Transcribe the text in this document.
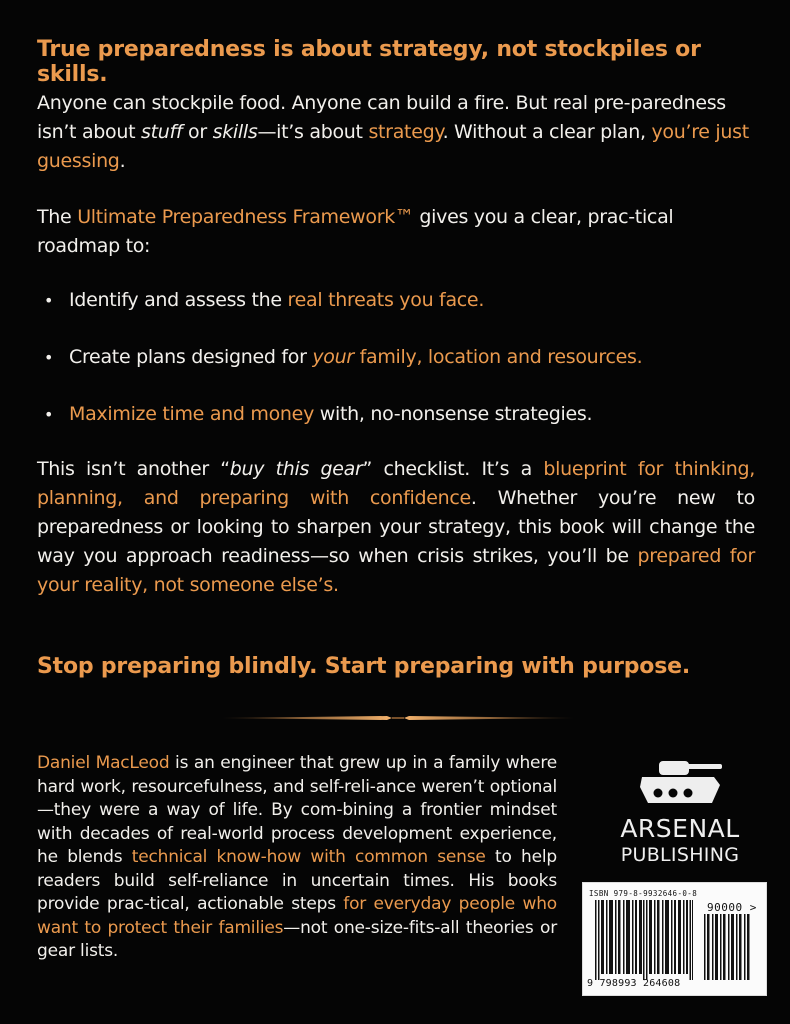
True preparedness is about strategy, not stockpiles or skills.
Anyone can stockpile food. Anyone can build a fire. But real pre-paredness isn’t about stuff or skills—it’s about strategy. Without a clear plan, you’re just guessing.
The Ultimate Preparedness Framework™ gives you a clear, prac-tical roadmap to:
• Identify and assess the real threats you face.
• Create plans designed for your family, location and resources.
• Maximize time and money with, no-nonsense strategies.
This isn’t another “buy this gear” checklist. It’s a blueprint for thinking, planning, and preparing with confidence. Whether you’re new to preparedness or looking to sharpen your strategy, this book will change the way you approach readiness—so when crisis strikes, you’ll be prepared for your reality, not someone else’s.
Stop preparing blindly. Start preparing with purpose.
Daniel MacLeod is an engineer that grew up in a family where hard work, resourcefulness, and self-reli-ance weren’t optional—they were a way of life. By com-bining a frontier mindset with decades of real-world process development experience, he blends technical know-how with common sense to help readers build self-reliance in uncertain times. His books provide prac-tical, actionable steps for everyday people who want to protect their families—not one-size-fits-all theories or gear lists.
ARSENAL
PUBLISHING
ISBN 979-8-9932646-0-8
90000 >
9 798993 264608
